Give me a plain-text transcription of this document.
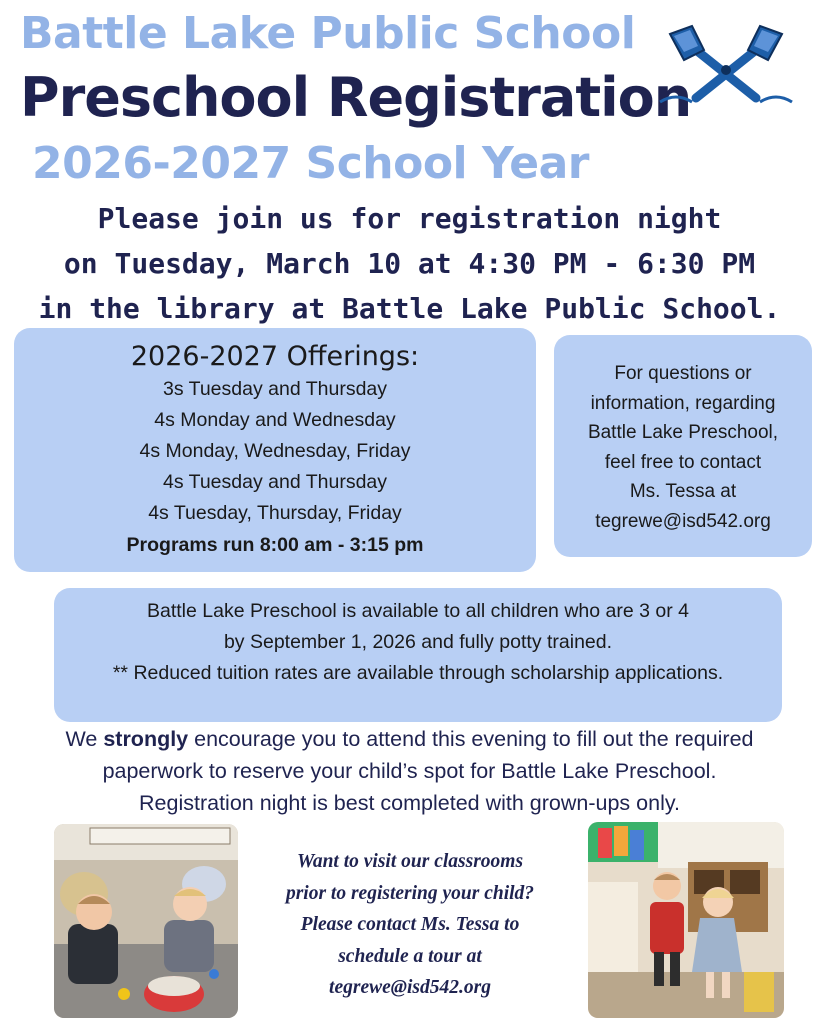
Battle Lake Public School
Preschool Registration
2026-2027 School Year
Please join us for registration night
on Tuesday, March 10 at 4:30 PM - 6:30 PM
in the library at Battle Lake Public School.
2026-2027 Offerings:
3s Tuesday and Thursday
4s Monday and Wednesday
4s Monday, Wednesday, Friday
4s Tuesday and Thursday
4s Tuesday, Thursday, Friday
Programs run 8:00 am - 3:15 pm
For questions or
information, regarding
Battle Lake Preschool,
feel free to contact
Ms. Tessa at
tegrewe@isd542.org
Battle Lake Preschool is available to all children who are 3 or 4
by September 1, 2026 and fully potty trained.
** Reduced tuition rates are available through scholarship applications.
We strongly encourage you to attend this evening to fill out the required
paperwork to reserve your child’s spot for Battle Lake Preschool.
Registration night is best completed with grown-ups only.
Want to visit our classrooms
prior to registering your child?
Please contact Ms. Tessa to
schedule a tour at
tegrewe@isd542.org
